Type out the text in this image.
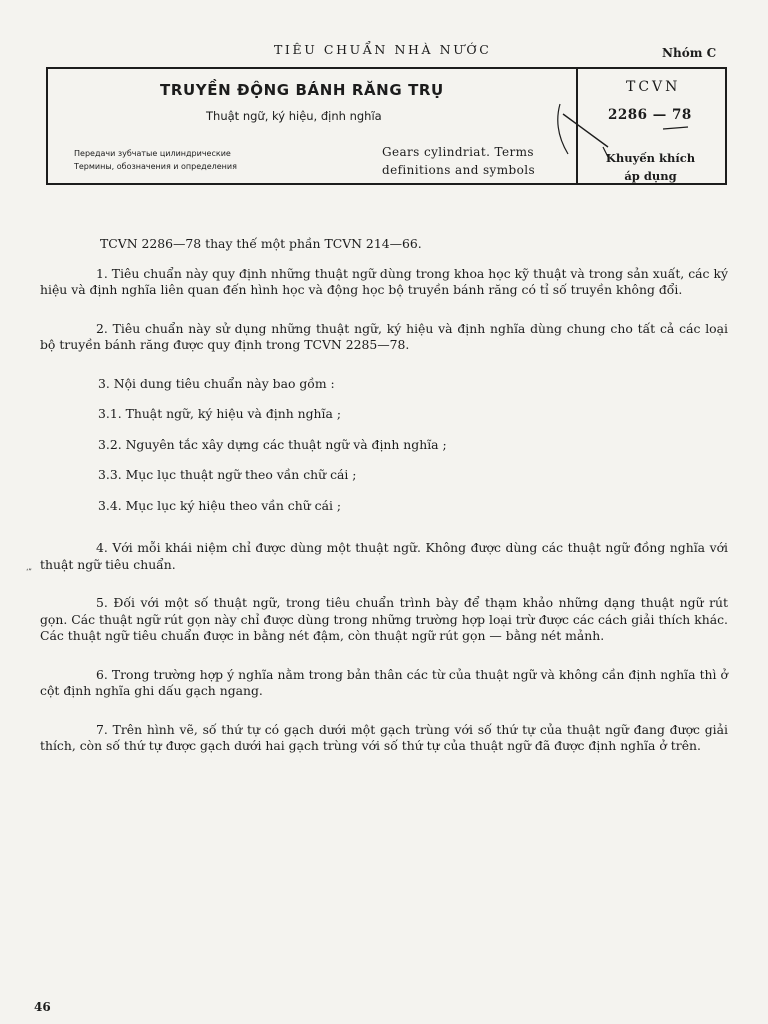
TIÊU CHUẨN NHÀ NƯỚC	Nhóm C
TRUYỀN ĐỘNG BÁNH RĂNG TRỤ
Thuật ngữ, ký hiệu, định nghĩa
Передачи зубчатые цилиндрические
Термины, обозначения и определения
Gears cylindriat. Terms
definitions and symbols
TCVN
2286 — 78
Khuyến khích
áp dụng

TCVN 2286—78 thay thế một phần TCVN 214—66.

1. Tiêu chuẩn này quy định những thuật ngữ dùng trong khoa học kỹ thuật và trong sản xuất, các ký hiệu và định nghĩa liên quan đến hình học và động học bộ truyền bánh răng có tỉ số truyền không đổi.

2. Tiêu chuẩn này sử dụng những thuật ngữ, ký hiệu và định nghĩa dùng chung cho tất cả các loại bộ truyền bánh răng được quy định trong TCVN 2285—78.

3. Nội dung tiêu chuẩn này bao gồm :

3.1. Thuật ngữ, ký hiệu và định nghĩa ;

3.2. Nguyên tắc xây dựng các thuật ngữ và định nghĩa ;

3.3. Mục lục thuật ngữ theo vần chữ cái ;

3.4. Mục lục ký hiệu theo vần chữ cái ;

4. Với mỗi khái niệm chỉ được dùng một thuật ngữ. Không được dùng các thuật ngữ đồng nghĩa với thuật ngữ tiêu chuẩn.

5. Đối với một số thuật ngữ, trong tiêu chuẩn trình bày để thạm khảo những dạng thuật ngữ rút gọn. Các thuật ngữ rút gọn này chỉ được dùng trong những trường hợp loại trừ được các cách giải thích khác. Các thuật ngữ tiêu chuẩn được in bằng nét đậm, còn thuật ngữ rút gọn — bằng nét mảnh.

6. Trong trường hợp ý nghĩa nằm trong bản thân các từ của thuật ngữ và không cần định nghĩa thì ở cột định nghĩa ghi dấu gạch ngang.

7. Trên hình vẽ, số thứ tự có gạch dưới một gạch trùng với số thứ tự của thuật ngữ đang được giải thích, còn số thứ tự được gạch dưới hai gạch trùng với số thứ tự của thuật ngữ đã được định nghĩa ở trên.

‘”
46
